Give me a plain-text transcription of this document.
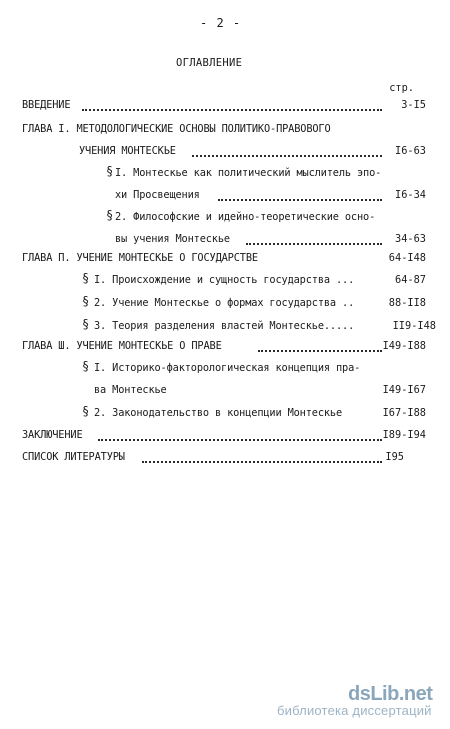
- 2 -
ОГЛАВЛЕНИЕ
стр.
ВВЕДЕНИЕ	3-I5
ГЛАВА I. МЕТОДОЛОГИЧЕСКИЕ ОСНОВЫ ПОЛИТИКО-ПРАВОВОГО
УЧЕНИЯ МОНТЕСКЬЕ	I6-63
§ I. Монтескье как политический мыслитель эпо-
хи Просвещения	I6-34
§ 2. Философские и идейно-теоретические осно-
вы учения Монтескье	34-63
ГЛАВА П. УЧЕНИЕ МОНТЕСКЬЕ О ГОСУДАРСТВЕ	64-I48
§ I. Происхождение и сущность государства ...	64-87
§ 2. Учение Монтескье о формах государства ..	88-II8
§ 3. Теория разделения властей Монтескье.....	II9-I48
ГЛАВА Ш. УЧЕНИЕ МОНТЕСКЬЕ О ПРАВЕ	I49-I88
§ I. Историко-факторологическая концепция пра-
ва Монтескье	I49-I67
§ 2. Законодательство в концепции Монтескье	I67-I88
ЗАКЛЮЧЕНИЕ	I89-I94
СПИСОК ЛИТЕРАТУРЫ	I95
dsLib.net
библиотека диссертаций
